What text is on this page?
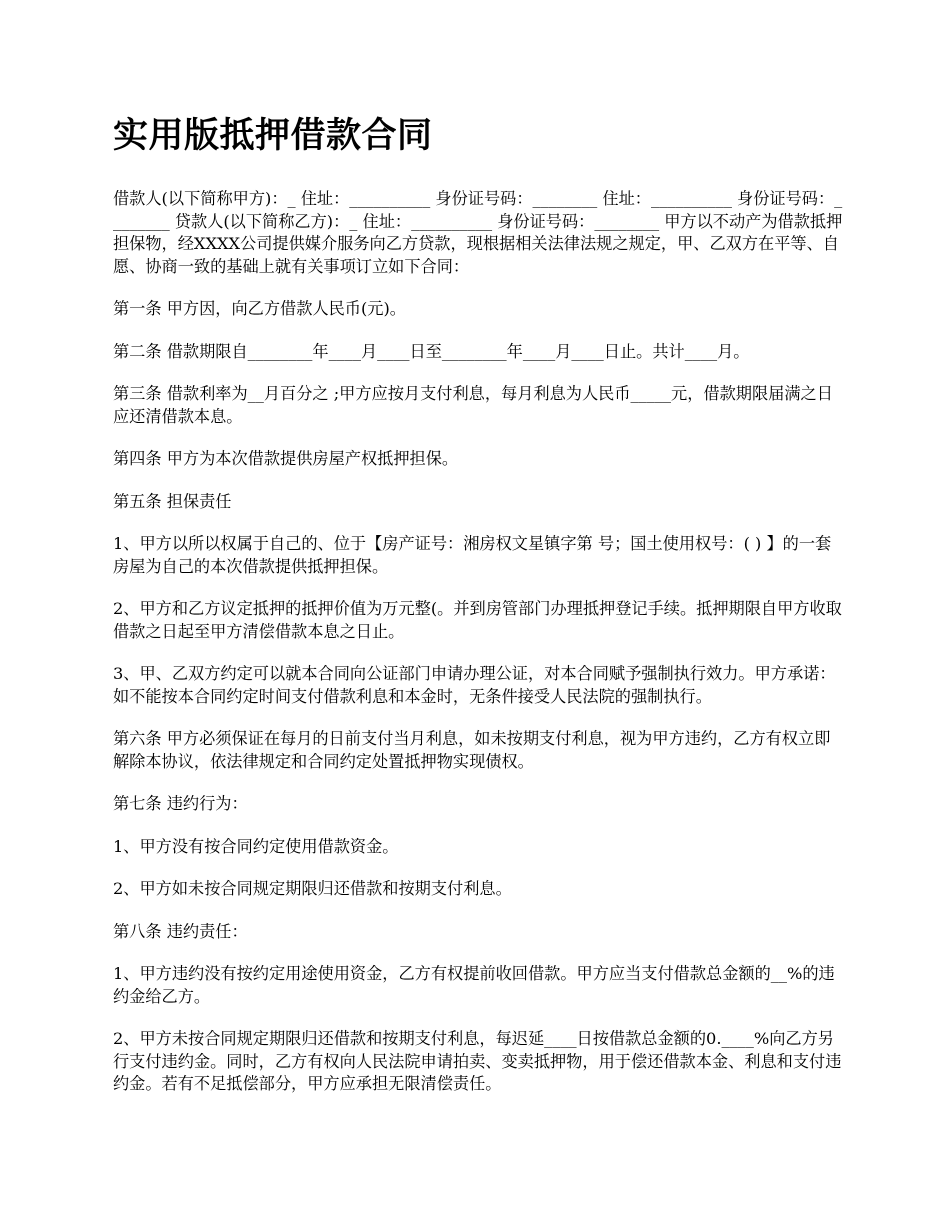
实用版抵押借款合同

借款人(以下简称甲方)：_ 住址：__________ 身份证号码：________ 住址：__________ 身份证号码：________ 贷款人(以下简称乙方)：_ 住址：__________ 身份证号码：________ 甲方以不动产为借款抵押担保物，经XXXX公司提供媒介服务向乙方贷款，现根据相关法律法规之规定，甲、乙双方在平等、自愿、协商一致的基础上就有关事项订立如下合同：

第一条 甲方因，向乙方借款人民币(元)。

第二条 借款期限自________年____月____日至________年____月____日止。共计____月。

第三条 借款利率为__月百分之 ;甲方应按月支付利息，每月利息为人民币_____元，借款期限届满之日应还清借款本息。

第四条 甲方为本次借款提供房屋产权抵押担保。

第五条 担保责任

1、甲方以所以权属于自己的、位于【房产证号：湘房权文星镇字第 号；国土使用权号：( ) 】的一套房屋为自己的本次借款提供抵押担保。

2、甲方和乙方议定抵押的抵押价值为万元整(。并到房管部门办理抵押登记手续。抵押期限自甲方收取借款之日起至甲方清偿借款本息之日止。

3、甲、乙双方约定可以就本合同向公证部门申请办理公证，对本合同赋予强制执行效力。甲方承诺：如不能按本合同约定时间支付借款利息和本金时，无条件接受人民法院的强制执行。

第六条 甲方必须保证在每月的日前支付当月利息，如未按期支付利息，视为甲方违约，乙方有权立即解除本协议，依法律规定和合同约定处置抵押物实现债权。

第七条 违约行为：

1、甲方没有按合同约定使用借款资金。

2、甲方如未按合同规定期限归还借款和按期支付利息。

第八条 违约责任：

1、甲方违约没有按约定用途使用资金，乙方有权提前收回借款。甲方应当支付借款总金额的__%的违约金给乙方。

2、甲方未按合同规定期限归还借款和按期支付利息，每迟延____日按借款总金额的0.____%向乙方另行支付违约金。同时，乙方有权向人民法院申请拍卖、变卖抵押物，用于偿还借款本金、利息和支付违约金。若有不足抵偿部分，甲方应承担无限清偿责任。
